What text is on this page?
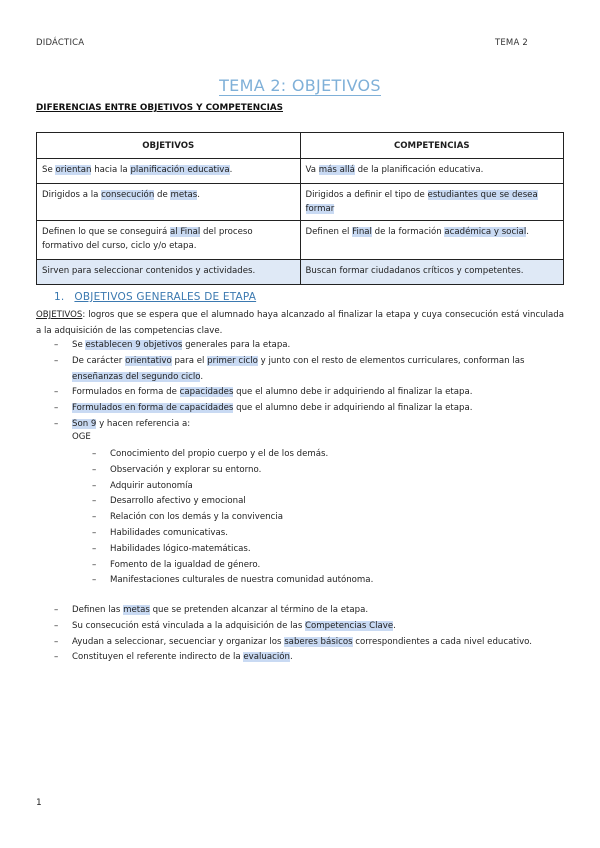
DIDÁCTICA	TEMA 2
TEMA 2: OBJETIVOS
DIFERENCIAS ENTRE OBJETIVOS Y COMPETENCIAS
OBJETIVOS	COMPETENCIAS
Se orientan hacia la planificación educativa.	Va más allá de la planificación educativa.
Dirigidos a la consecución de metas.	Dirigidos a definir el tipo de estudiantes que se desea formar
Definen lo que se conseguirá al Final del proceso formativo del curso, ciclo y/o etapa.	Definen el Final de la formación académica y social.
Sirven para seleccionar contenidos y actividades.	Buscan formar ciudadanos críticos y competentes.
1. OBJETIVOS GENERALES DE ETAPA
OBJETIVOS: logros que se espera que el alumnado haya alcanzado al finalizar la etapa y cuya consecución está vinculada a la adquisición de las competencias clave.
– Se establecen 9 objetivos generales para la etapa.
– De carácter orientativo para el primer ciclo y junto con el resto de elementos curriculares, conforman las enseñanzas del segundo ciclo.
– Formulados en forma de capacidades que el alumno debe ir adquiriendo al finalizar la etapa.
– Formulados en forma de capacidades que el alumno debe ir adquiriendo al finalizar la etapa.
– Son 9 y hacen referencia a:
OGE
– Conocimiento del propio cuerpo y el de los demás.
– Observación y explorar su entorno.
– Adquirir autonomía
– Desarrollo afectivo y emocional
– Relación con los demás y la convivencia
– Habilidades comunicativas.
– Habilidades lógico-matemáticas.
– Fomento de la igualdad de género.
– Manifestaciones culturales de nuestra comunidad autónoma.
– Definen las metas que se pretenden alcanzar al término de la etapa.
– Su consecución está vinculada a la adquisición de las Competencias Clave.
– Ayudan a seleccionar, secuenciar y organizar los saberes básicos correspondientes a cada nivel educativo.
– Constituyen el referente indirecto de la evaluación.
1
